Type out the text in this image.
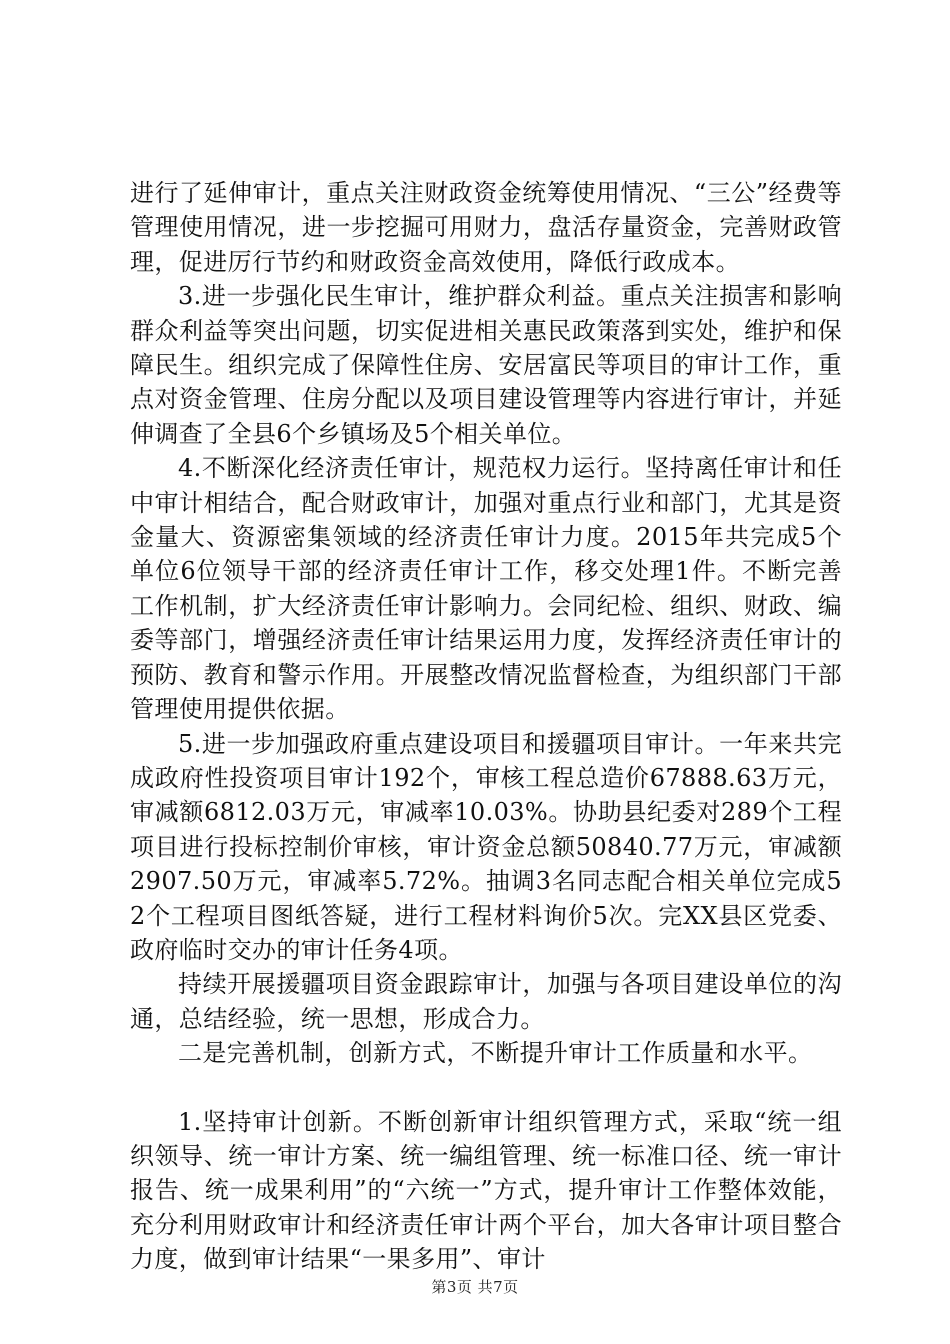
进行了延伸审计，重点关注财政资金统筹使用情况、“三公”经费等管理使用情况，进一步挖掘可用财力，盘活存量资金，完善财政管理，促进厉行节约和财政资金高效使用，降低行政成本。

3.进一步强化民生审计，维护群众利益。重点关注损害和影响群众利益等突出问题，切实促进相关惠民政策落到实处，维护和保障民生。组织完成了保障性住房、安居富民等项目的审计工作，重点对资金管理、住房分配以及项目建设管理等内容进行审计，并延伸调查了全县6个乡镇场及5个相关单位。

4.不断深化经济责任审计，规范权力运行。坚持离任审计和任中审计相结合，配合财政审计，加强对重点行业和部门，尤其是资金量大、资源密集领域的经济责任审计力度。2015年共完成5个单位6位领导干部的经济责任审计工作，移交处理1件。不断完善工作机制，扩大经济责任审计影响力。会同纪检、组织、财政、编委等部门，增强经济责任审计结果运用力度，发挥经济责任审计的预防、教育和警示作用。开展整改情况监督检查，为组织部门干部管理使用提供依据。

5.进一步加强政府重点建设项目和援疆项目审计。一年来共完成政府性投资项目审计192个，审核工程总造价67888.63万元，审减额6812.03万元，审减率10.03%。协助县纪委对289个工程项目进行投标控制价审核，审计资金总额50840.77万元，审减额2907.50万元，审减率5.72%。抽调3名同志配合相关单位完成52个工程项目图纸答疑，进行工程材料询价5次。完XX县区党委、政府临时交办的审计任务4项。

持续开展援疆项目资金跟踪审计，加强与各项目建设单位的沟通，总结经验，统一思想，形成合力。

二是完善机制，创新方式，不断提升审计工作质量和水平。

1.坚持审计创新。不断创新审计组织管理方式，采取“统一组织领导、统一审计方案、统一编组管理、统一标准口径、统一审计报告、统一成果利用”的“六统一”方式，提升审计工作整体效能，充分利用财政审计和经济责任审计两个平台，加大各审计项目整合力度，做到审计结果“一果多用”、审计

第3页 共7页
